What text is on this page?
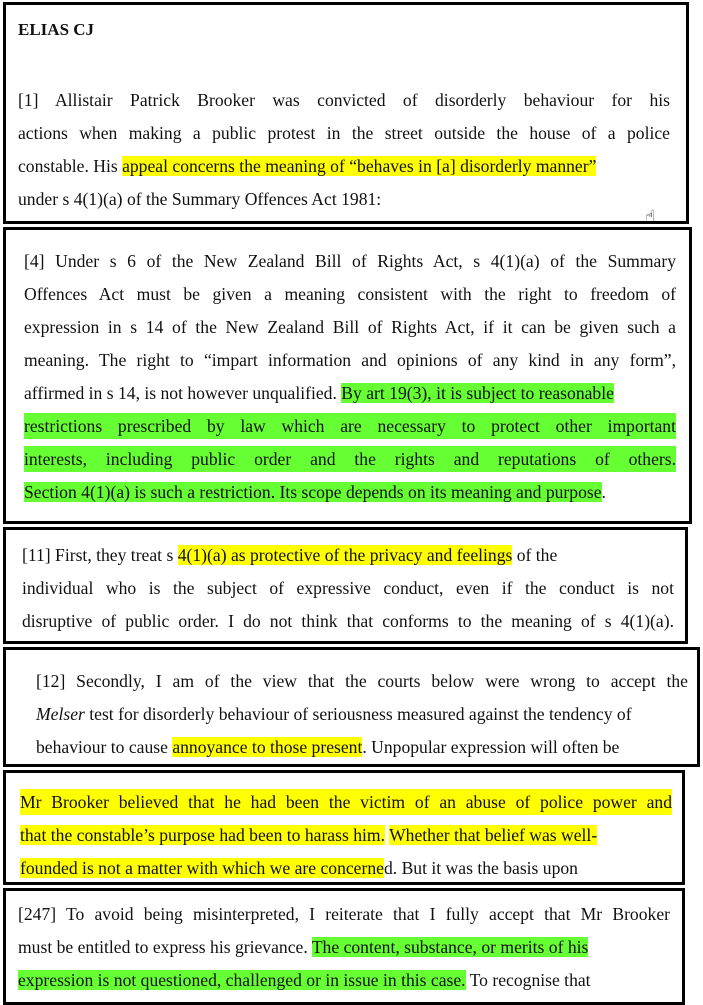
ELIAS CJ
[1] Allistair Patrick Brooker was convicted of disorderly behaviour for his
actions when making a public protest in the street outside the house of a police
constable. His appeal concerns the meaning of “behaves in [a] disorderly manner”
under s 4(1)(a) of the Summary Offences Act 1981:
☝
[4] Under s 6 of the New Zealand Bill of Rights Act, s 4(1)(a) of the Summary
Offences Act must be given a meaning consistent with the right to freedom of
expression in s 14 of the New Zealand Bill of Rights Act, if it can be given such a
meaning. The right to “impart information and opinions of any kind in any form”,
affirmed in s 14, is not however unqualified. By art 19(3), it is subject to reasonable
restrictions prescribed by law which are necessary to protect other important
interests, including public order and the rights and reputations of others.
Section 4(1)(a) is such a restriction. Its scope depends on its meaning and purpose.
[11] First, they treat s 4(1)(a) as protective of the privacy and feelings of the
individual who is the subject of expressive conduct, even if the conduct is not
disruptive of public order. I do not think that conforms to the meaning of s 4(1)(a).
[12] Secondly, I am of the view that the courts below were wrong to accept the
Melser test for disorderly behaviour of seriousness measured against the tendency of
behaviour to cause annoyance to those present. Unpopular expression will often be
Mr Brooker believed that he had been the victim of an abuse of police power and
that the constable’s purpose had been to harass him. Whether that belief was well-
founded is not a matter with which we are concerned. But it was the basis upon
[247] To avoid being misinterpreted, I reiterate that I fully accept that Mr Brooker
must be entitled to express his grievance. The content, substance, or merits of his
expression is not questioned, challenged or in issue in this case. To recognise that
